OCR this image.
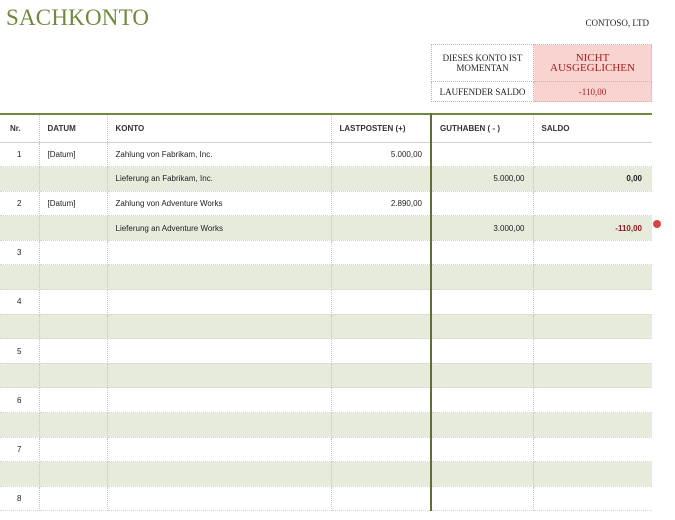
SACHKONTO	CONTOSO, LTD
DIESES KONTO IST MOMENTAN	NICHT AUSGEGLICHEN
LAUFENDER SALDO	-110,00
Nr.	DATUM	KONTO	LASTPOSTEN (+)	GUTHABEN ( - )	SALDO
1	[Datum]	Zahlung von Fabrikam, Inc.	5.000,00		
		Lieferung an Fabrikam, Inc.		5.000,00	0,00
2	[Datum]	Zahlung von Adventure Works	2.890,00		
		Lieferung an Adventure Works		3.000,00	-110,00
3					

4					

5					

6					

7					

8					
